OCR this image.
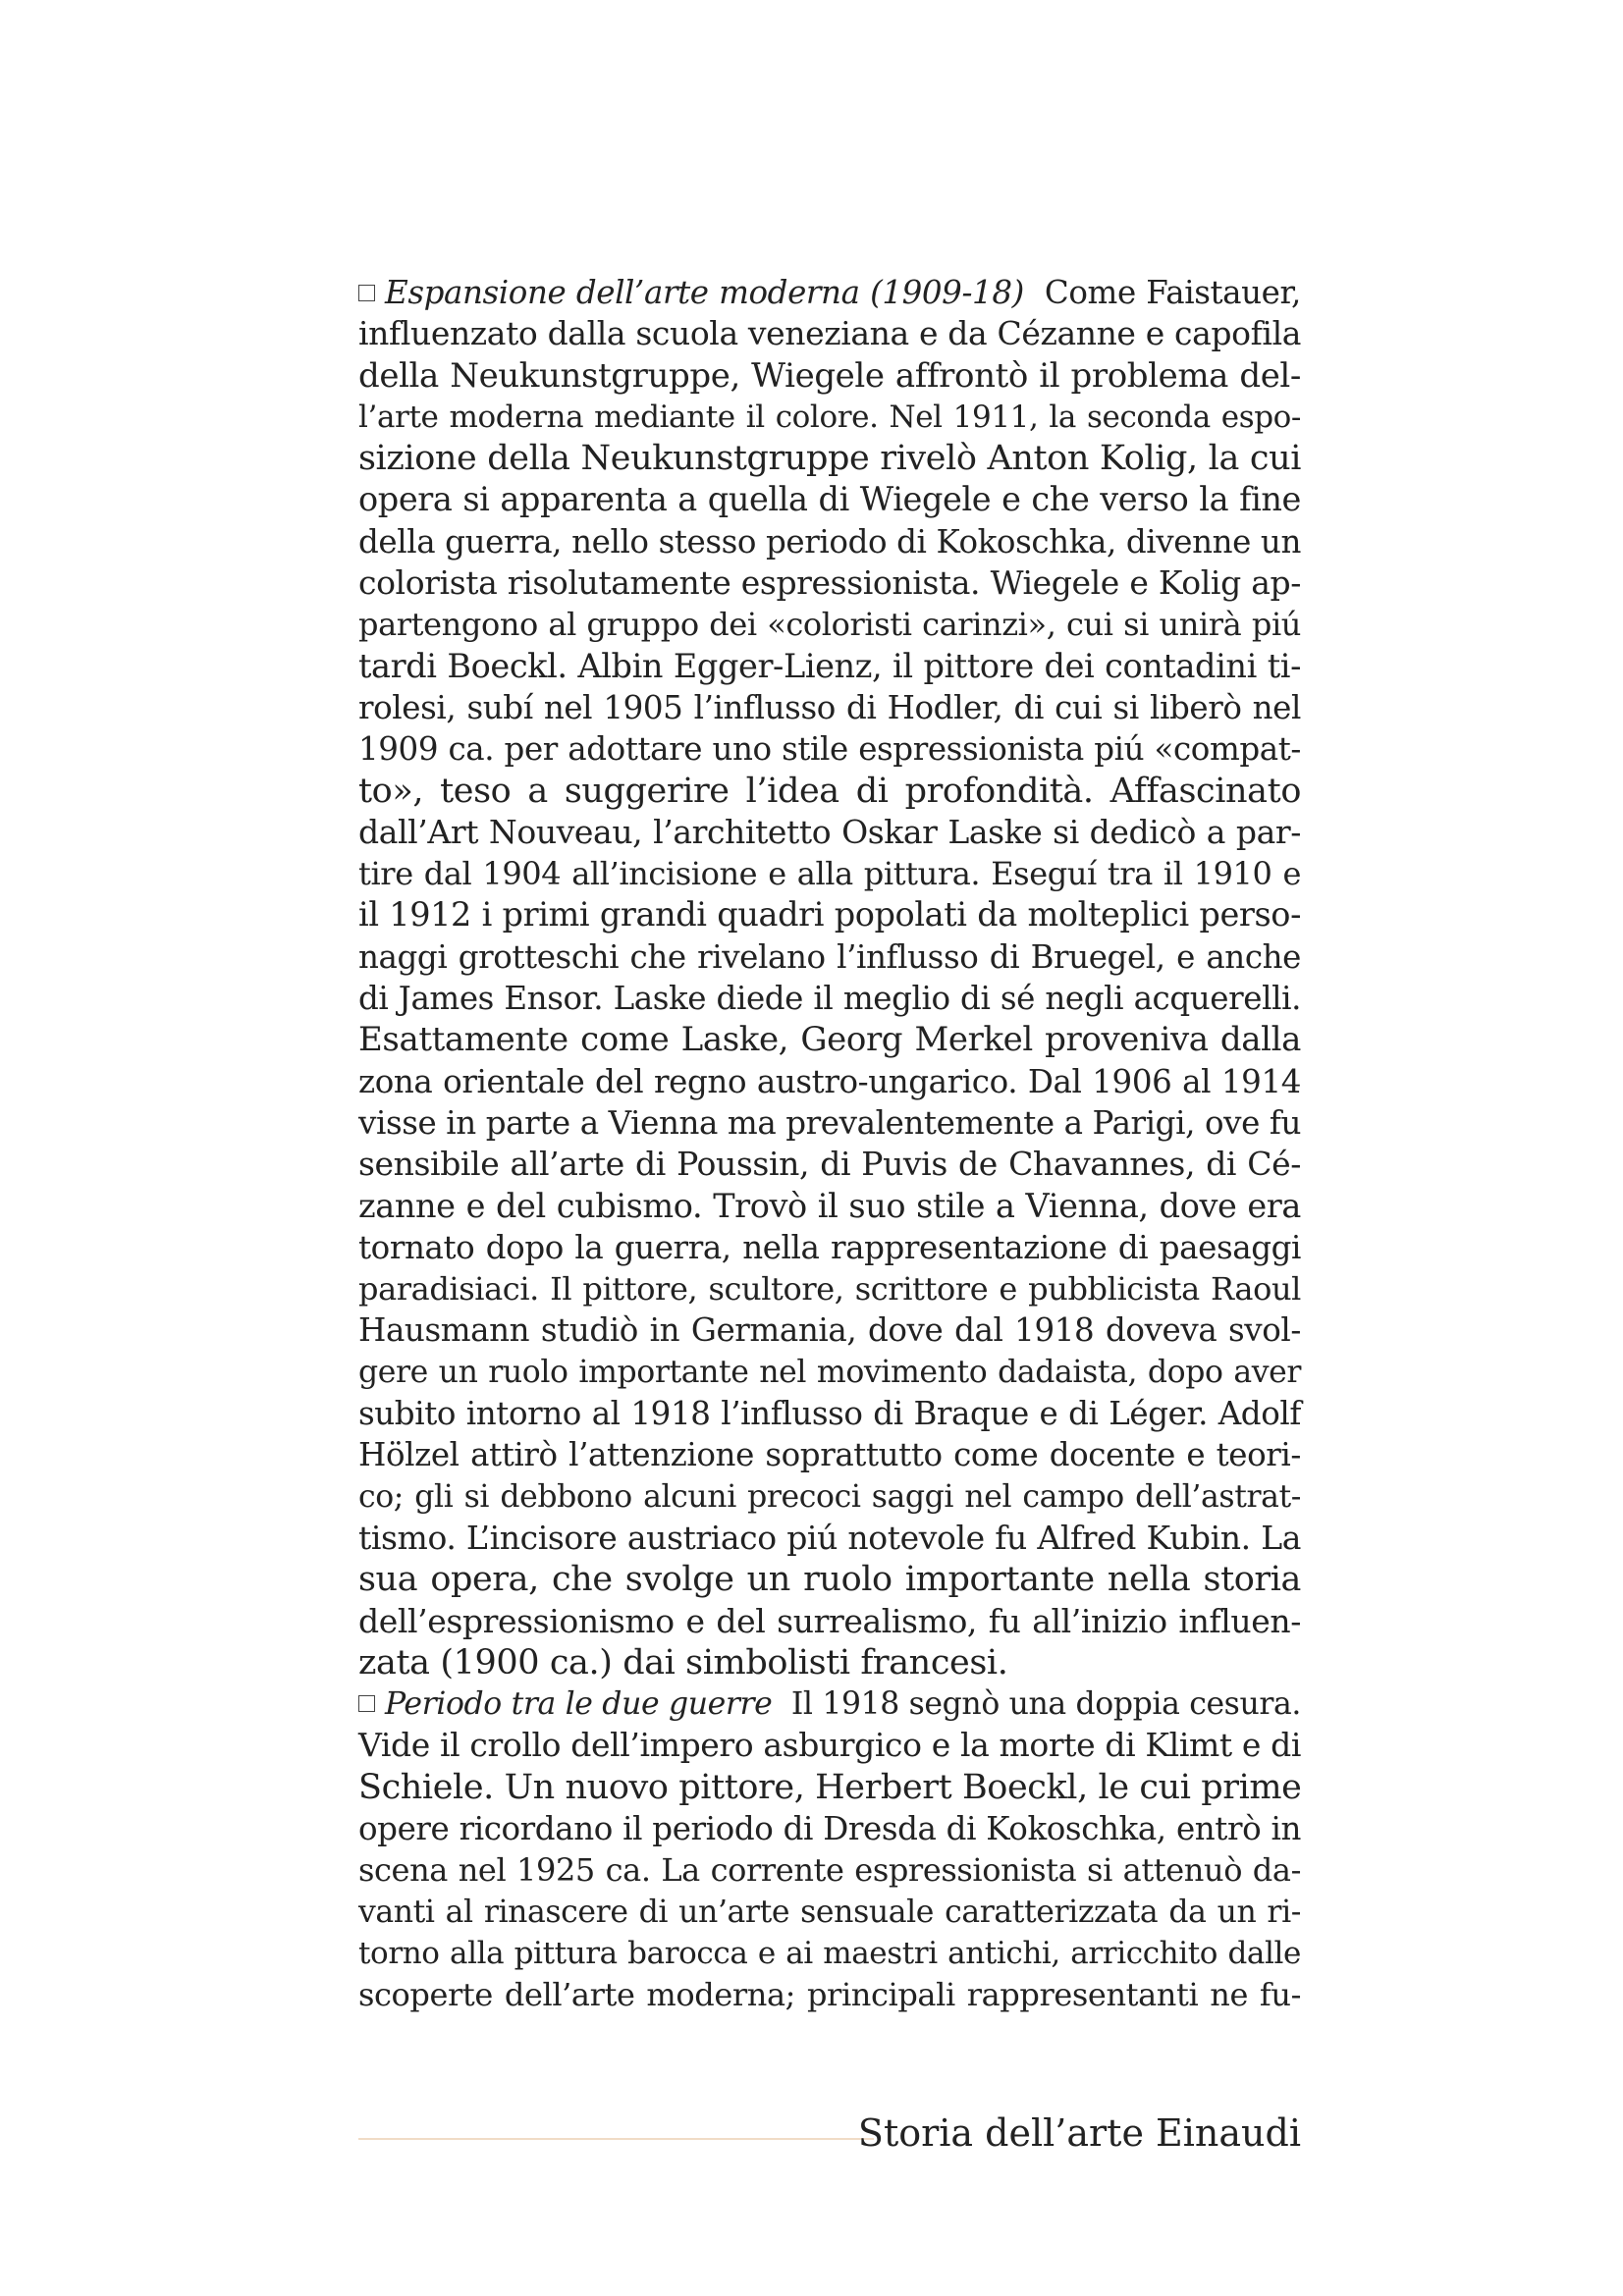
Espansione dell’arte moderna (1909-18) Come Faistauer,

influenzato dalla scuola veneziana e da Cézanne e capofila

della Neukunstgruppe, Wiegele affrontò il problema del-

l’arte moderna mediante il colore. Nel 1911, la seconda espo-

sizione della Neukunstgruppe rivelò Anton Kolig, la cui

opera si apparenta a quella di Wiegele e che verso la fine

della guerra, nello stesso periodo di Kokoschka, divenne un

colorista risolutamente espressionista. Wiegele e Kolig ap-

partengono al gruppo dei «coloristi carinzi», cui si unirà piú

tardi Boeckl. Albin Egger-Lienz, il pittore dei contadini ti-

rolesi, subí nel 1905 l’influsso di Hodler, di cui si liberò nel

1909 ca. per adottare uno stile espressionista piú «compat-

to», teso a suggerire l’idea di profondità. Affascinato

dall’Art Nouveau, l’architetto Oskar Laske si dedicò a par-

tire dal 1904 all’incisione e alla pittura. Eseguí tra il 1910 e

il 1912 i primi grandi quadri popolati da molteplici perso-

naggi grotteschi che rivelano l’influsso di Bruegel, e anche

di James Ensor. Laske diede il meglio di sé negli acquerelli.

Esattamente come Laske, Georg Merkel proveniva dalla

zona orientale del regno austro-ungarico. Dal 1906 al 1914

visse in parte a Vienna ma prevalentemente a Parigi, ove fu

sensibile all’arte di Poussin, di Puvis de Chavannes, di Cé-

zanne e del cubismo. Trovò il suo stile a Vienna, dove era

tornato dopo la guerra, nella rappresentazione di paesaggi

paradisiaci. Il pittore, scultore, scrittore e pubblicista Raoul

Hausmann studiò in Germania, dove dal 1918 doveva svol-

gere un ruolo importante nel movimento dadaista, dopo aver

subito intorno al 1918 l’influsso di Braque e di Léger. Adolf

Hölzel attirò l’attenzione soprattutto come docente e teori-

co; gli si debbono alcuni precoci saggi nel campo dell’astrat-

tismo. L’incisore austriaco piú notevole fu Alfred Kubin. La

sua opera, che svolge un ruolo importante nella storia

dell’espressionismo e del surrealismo, fu all’inizio influen-

zata (1900 ca.) dai simbolisti francesi.

Periodo tra le due guerre Il 1918 segnò una doppia cesura.

Vide il crollo dell’impero asburgico e la morte di Klimt e di

Schiele. Un nuovo pittore, Herbert Boeckl, le cui prime

opere ricordano il periodo di Dresda di Kokoschka, entrò in

scena nel 1925 ca. La corrente espressionista si attenuò da-

vanti al rinascere di un’arte sensuale caratterizzata da un ri-

torno alla pittura barocca e ai maestri antichi, arricchito dalle

scoperte dell’arte moderna; principali rappresentanti ne fu-

Storia dell’arte Einaudi
